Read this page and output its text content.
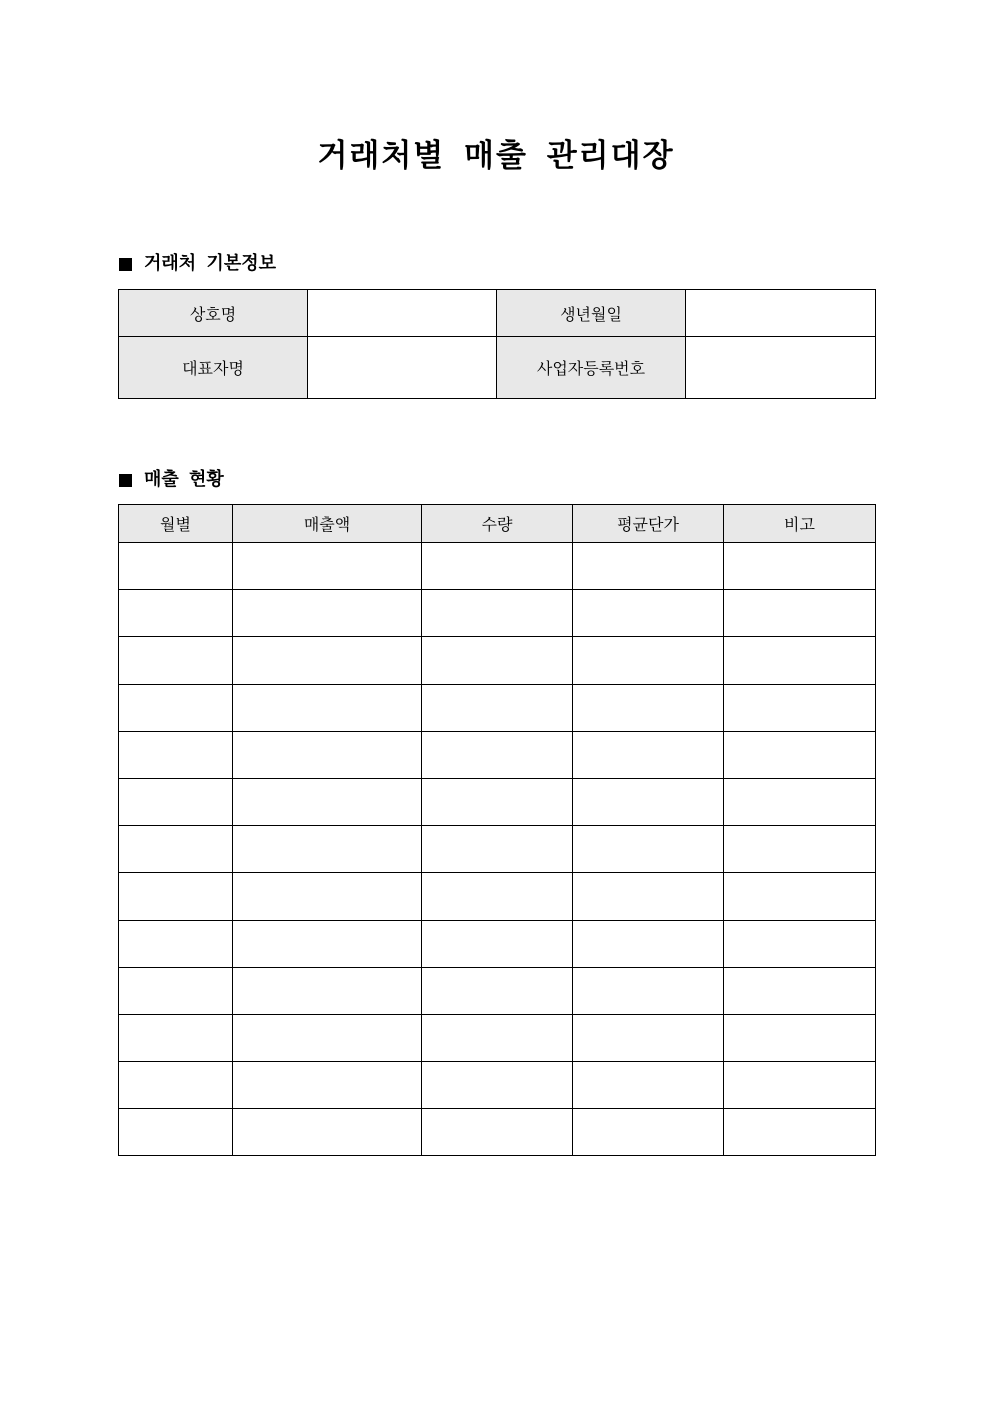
거래처별 매출 관리대장
거래처 기본정보
상호명		생년월일	
대표자명		사업자등록번호	
매출 현황
월별	매출액	수량	평균단가	비고
